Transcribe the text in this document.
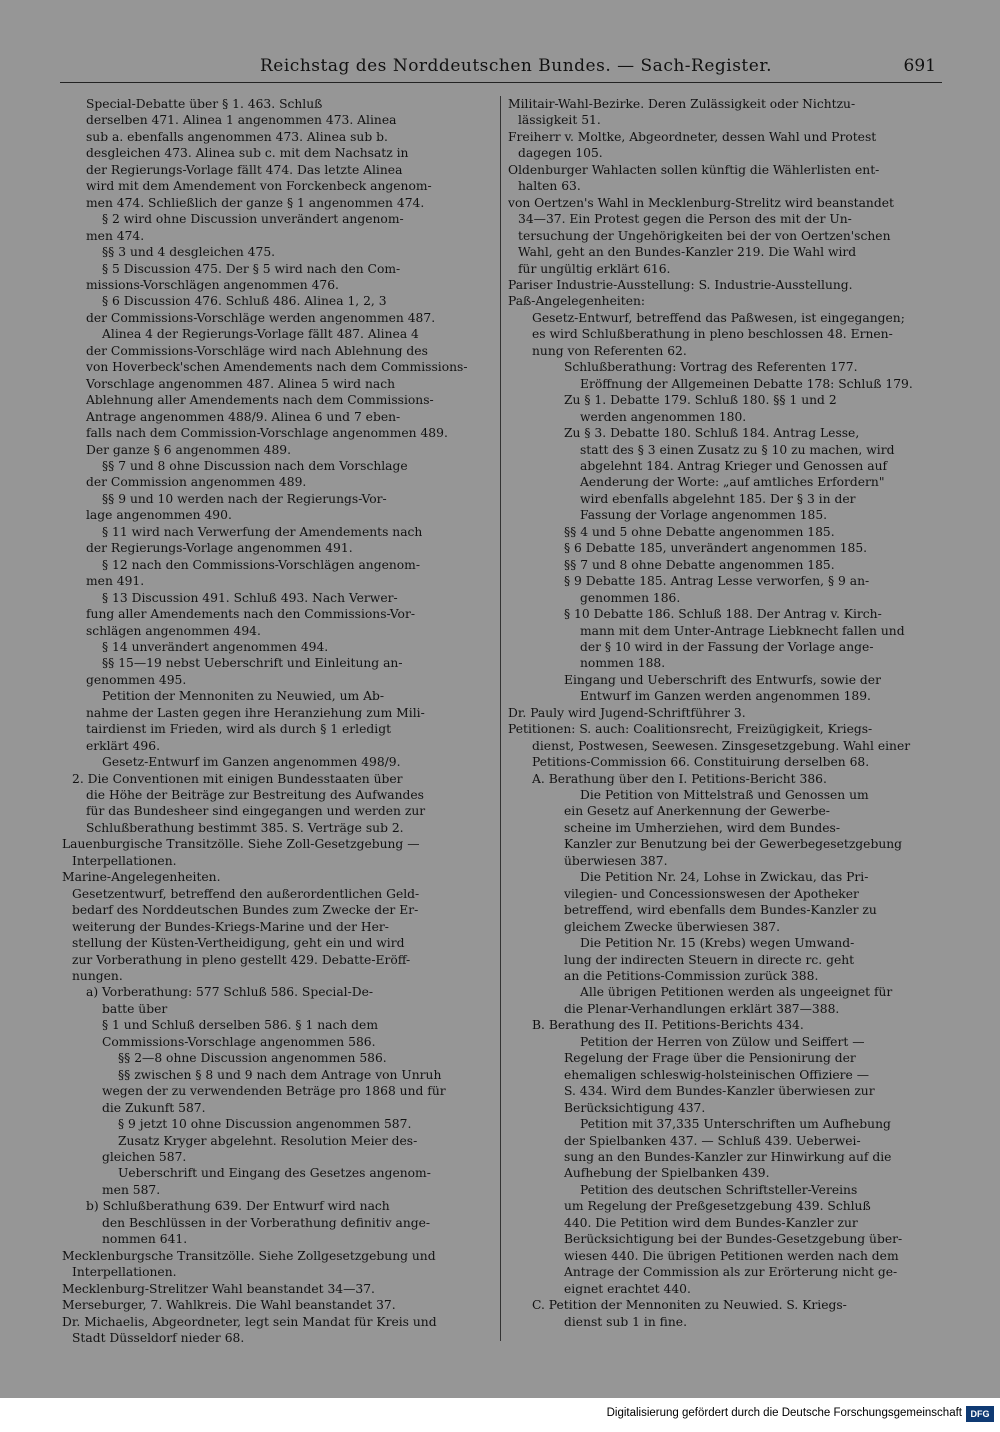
Reichstag des Norddeutschen Bundes. — Sach-Register.	691

Special-Debatte über § 1. 463. Schluß

derselben 471. Alinea 1 angenommen 473. Alinea

sub a. ebenfalls angenommen 473. Alinea sub b.

desgleichen 473. Alinea sub c. mit dem Nachsatz in

der Regierungs-Vorlage fällt 474. Das letzte Alinea

wird mit dem Amendement von Forckenbeck angenom-

men 474. Schließlich der ganze § 1 angenommen 474.

§ 2 wird ohne Discussion unverändert angenom-

men 474.

§§ 3 und 4 desgleichen 475.

§ 5 Discussion 475. Der § 5 wird nach den Com-

missions-Vorschlägen angenommen 476.

§ 6 Discussion 476. Schluß 486. Alinea 1, 2, 3

der Commissions-Vorschläge werden angenommen 487.

Alinea 4 der Regierungs-Vorlage fällt 487. Alinea 4

der Commissions-Vorschläge wird nach Ablehnung des

von Hoverbeck'schen Amendements nach dem Commissions-

Vorschlage angenommen 487. Alinea 5 wird nach

Ablehnung aller Amendements nach dem Commissions-

Antrage angenommen 488/9. Alinea 6 und 7 eben-

falls nach dem Commission-Vorschlage angenommen 489.

Der ganze § 6 angenommen 489.

§§ 7 und 8 ohne Discussion nach dem Vorschlage

der Commission angenommen 489.

§§ 9 und 10 werden nach der Regierungs-Vor-

lage angenommen 490.

§ 11 wird nach Verwerfung der Amendements nach

der Regierungs-Vorlage angenommen 491.

§ 12 nach den Commissions-Vorschlägen angenom-

men 491.

§ 13 Discussion 491. Schluß 493. Nach Verwer-

fung aller Amendements nach den Commissions-Vor-

schlägen angenommen 494.

§ 14 unverändert angenommen 494.

§§ 15—19 nebst Ueberschrift und Einleitung an-

genommen 495.

Petition der Mennoniten zu Neuwied, um Ab-

nahme der Lasten gegen ihre Heranziehung zum Mili-

tairdienst im Frieden, wird als durch § 1 erledigt

erklärt 496.

Gesetz-Entwurf im Ganzen angenommen 498/9.

2. Die Conventionen mit einigen Bundesstaaten über

die Höhe der Beiträge zur Bestreitung des Aufwandes

für das Bundesheer sind eingegangen und werden zur

Schlußberathung bestimmt 385. S. Verträge sub 2.

Lauenburgische Transitzölle. Siehe Zoll-Gesetzgebung —

Interpellationen.

Marine-Angelegenheiten.

Gesetzentwurf, betreffend den außerordentlichen Geld-

bedarf des Norddeutschen Bundes zum Zwecke der Er-

weiterung der Bundes-Kriegs-Marine und der Her-

stellung der Küsten-Vertheidigung, geht ein und wird

zur Vorberathung in pleno gestellt 429. Debatte-Eröff-

nungen.

a) Vorberathung: 577 Schluß 586. Special-De-

batte über

§ 1 und Schluß derselben 586. § 1 nach dem

Commissions-Vorschlage angenommen 586.

§§ 2—8 ohne Discussion angenommen 586.

§§ zwischen § 8 und 9 nach dem Antrage von Unruh

wegen der zu verwendenden Beträge pro 1868 und für

die Zukunft 587.

§ 9 jetzt 10 ohne Discussion angenommen 587.

Zusatz Kryger abgelehnt. Resolution Meier des-

gleichen 587.

Ueberschrift und Eingang des Gesetzes angenom-

men 587.

b) Schlußberathung 639. Der Entwurf wird nach

den Beschlüssen in der Vorberathung definitiv ange-

nommen 641.

Mecklenburgsche Transitzölle. Siehe Zollgesetzgebung und

Interpellationen.

Mecklenburg-Strelitzer Wahl beanstandet 34—37.

Merseburger, 7. Wahlkreis. Die Wahl beanstandet 37.

Dr. Michaelis, Abgeordneter, legt sein Mandat für Kreis und

Stadt Düsseldorf nieder 68.

Militair-Wahl-Bezirke. Deren Zulässigkeit oder Nichtzu-

lässigkeit 51.

Freiherr v. Moltke, Abgeordneter, dessen Wahl und Protest

dagegen 105.

Oldenburger Wahlacten sollen künftig die Wählerlisten ent-

halten 63.

von Oertzen's Wahl in Mecklenburg-Strelitz wird beanstandet

34—37. Ein Protest gegen die Person des mit der Un-

tersuchung der Ungehörigkeiten bei der von Oertzen'schen

Wahl, geht an den Bundes-Kanzler 219. Die Wahl wird

für ungültig erklärt 616.

Pariser Industrie-Ausstellung: S. Industrie-Ausstellung.

Paß-Angelegenheiten:

Gesetz-Entwurf, betreffend das Paßwesen, ist eingegangen;

es wird Schlußberathung in pleno beschlossen 48. Ernen-

nung von Referenten 62.

Schlußberathung: Vortrag des Referenten 177.

Eröffnung der Allgemeinen Debatte 178: Schluß 179.

Zu § 1. Debatte 179. Schluß 180. §§ 1 und 2

werden angenommen 180.

Zu § 3. Debatte 180. Schluß 184. Antrag Lesse,

statt des § 3 einen Zusatz zu § 10 zu machen, wird

abgelehnt 184. Antrag Krieger und Genossen auf

Aenderung der Worte: „auf amtliches Erfordern"

wird ebenfalls abgelehnt 185. Der § 3 in der

Fassung der Vorlage angenommen 185.

§§ 4 und 5 ohne Debatte angenommen 185.

§ 6 Debatte 185, unverändert angenommen 185.

§§ 7 und 8 ohne Debatte angenommen 185.

§ 9 Debatte 185. Antrag Lesse verworfen, § 9 an-

genommen 186.

§ 10 Debatte 186. Schluß 188. Der Antrag v. Kirch-

mann mit dem Unter-Antrage Liebknecht fallen und

der § 10 wird in der Fassung der Vorlage ange-

nommen 188.

Eingang und Ueberschrift des Entwurfs, sowie der

Entwurf im Ganzen werden angenommen 189.

Dr. Pauly wird Jugend-Schriftführer 3.

Petitionen: S. auch: Coalitionsrecht, Freizügigkeit, Kriegs-

dienst, Postwesen, Seewesen. Zinsgesetzgebung. Wahl einer

Petitions-Commission 66. Constituirung derselben 68.

A. Berathung über den I. Petitions-Bericht 386.

Die Petition von Mittelstraß und Genossen um

ein Gesetz auf Anerkennung der Gewerbe-

scheine im Umherziehen, wird dem Bundes-

Kanzler zur Benutzung bei der Gewerbegesetzgebung

überwiesen 387.

Die Petition Nr. 24, Lohse in Zwickau, das Pri-

vilegien- und Concessionswesen der Apotheker

betreffend, wird ebenfalls dem Bundes-Kanzler zu

gleichem Zwecke überwiesen 387.

Die Petition Nr. 15 (Krebs) wegen Umwand-

lung der indirecten Steuern in directe rc. geht

an die Petitions-Commission zurück 388.

Alle übrigen Petitionen werden als ungeeignet für

die Plenar-Verhandlungen erklärt 387—388.

B. Berathung des II. Petitions-Berichts 434.

Petition der Herren von Zülow und Seiffert —

Regelung der Frage über die Pensionirung der

ehemaligen schleswig-holsteinischen Offiziere —

S. 434. Wird dem Bundes-Kanzler überwiesen zur

Berücksichtigung 437.

Petition mit 37,335 Unterschriften um Aufhebung

der Spielbanken 437. — Schluß 439. Ueberwei-

sung an den Bundes-Kanzler zur Hinwirkung auf die

Aufhebung der Spielbanken 439.

Petition des deutschen Schriftsteller-Vereins

um Regelung der Preßgesetzgebung 439. Schluß

440. Die Petition wird dem Bundes-Kanzler zur

Berücksichtigung bei der Bundes-Gesetzgebung über-

wiesen 440. Die übrigen Petitionen werden nach dem

Antrage der Commission als zur Erörterung nicht ge-

eignet erachtet 440.

C. Petition der Mennoniten zu Neuwied. S. Kriegs-

dienst sub 1 in fine.

Digitalisierung gefördert durch die Deutsche Forschungsgemeinschaft DFG
